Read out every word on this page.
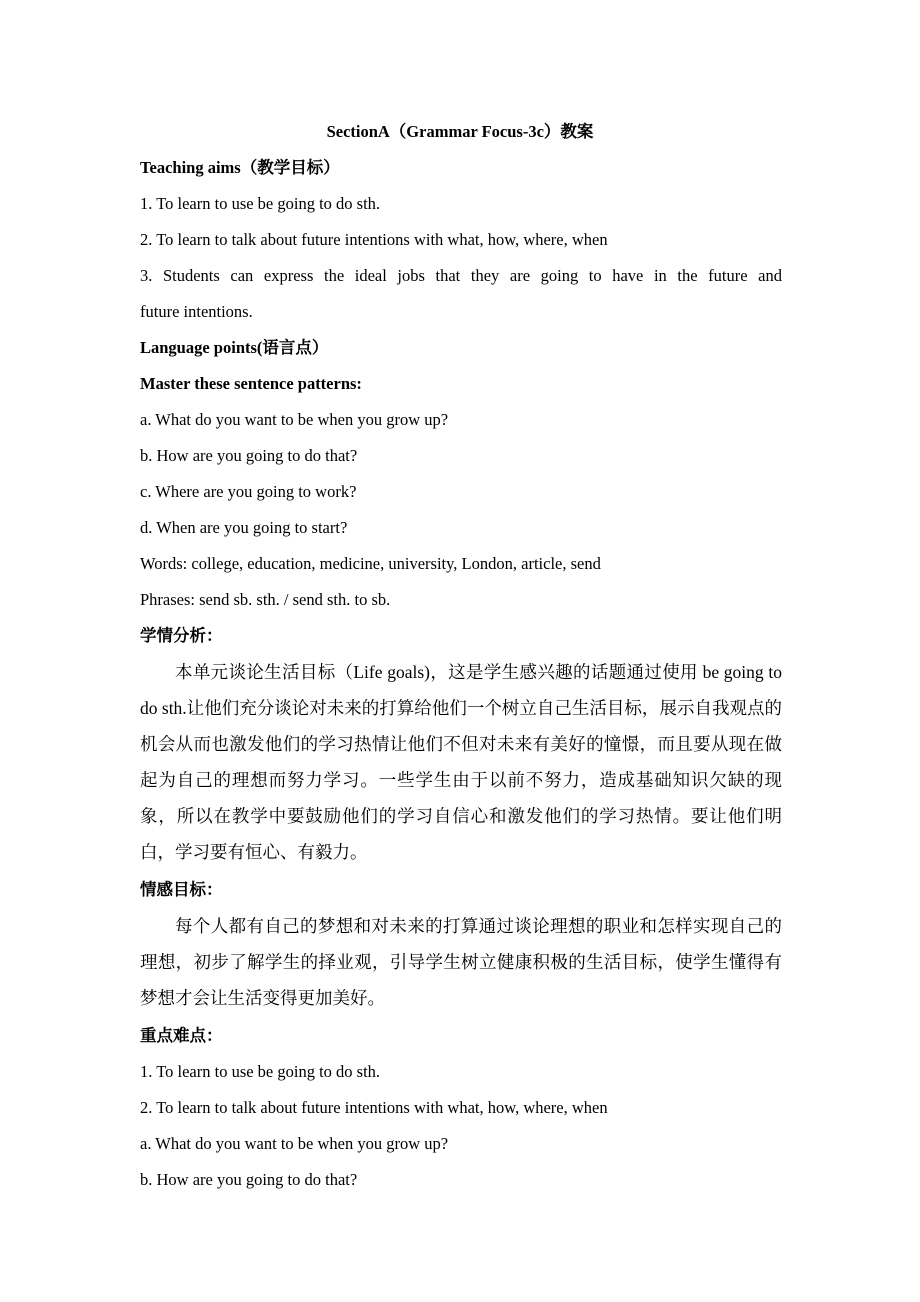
SectionA（Grammar Focus-3c）教案
Teaching aims（教学目标）
1. To learn to use be going to do sth.
2. To learn to talk about future intentions with what, how, where, when
3. Students can express the ideal jobs that they are going to have in the future and
future intentions.
Language points(语言点）
Master these sentence patterns:
a. What do you want to be when you grow up?
b. How are you going to do that?
c. Where are you going to work?
d. When are you going to start?
Words: college, education, medicine, university, London, article, send
Phrases: send sb. sth. / send sth. to sb.
学情分析：

本单元谈论生活目标（Life goals)，这是学生感兴趣的话题通过使用 be going to do sth.让他们充分谈论对未来的打算给他们一个树立自己生活目标，展示自我观点的机会从而也激发他们的学习热情让他们不但对未来有美好的憧憬，而且要从现在做起为自己的理想而努力学习。一些学生由于以前不努力，造成基础知识欠缺的现象，所以在教学中要鼓励他们的学习自信心和激发他们的学习热情。要让他们明白，学习要有恒心、有毅力。

情感目标：

每个人都有自己的梦想和对未来的打算通过谈论理想的职业和怎样实现自己的理想，初步了解学生的择业观，引导学生树立健康积极的生活目标，使学生懂得有梦想才会让生活变得更加美好。

重点难点：
1. To learn to use be going to do sth.
2. To learn to talk about future intentions with what, how, where, when
a. What do you want to be when you grow up?
b. How are you going to do that?
